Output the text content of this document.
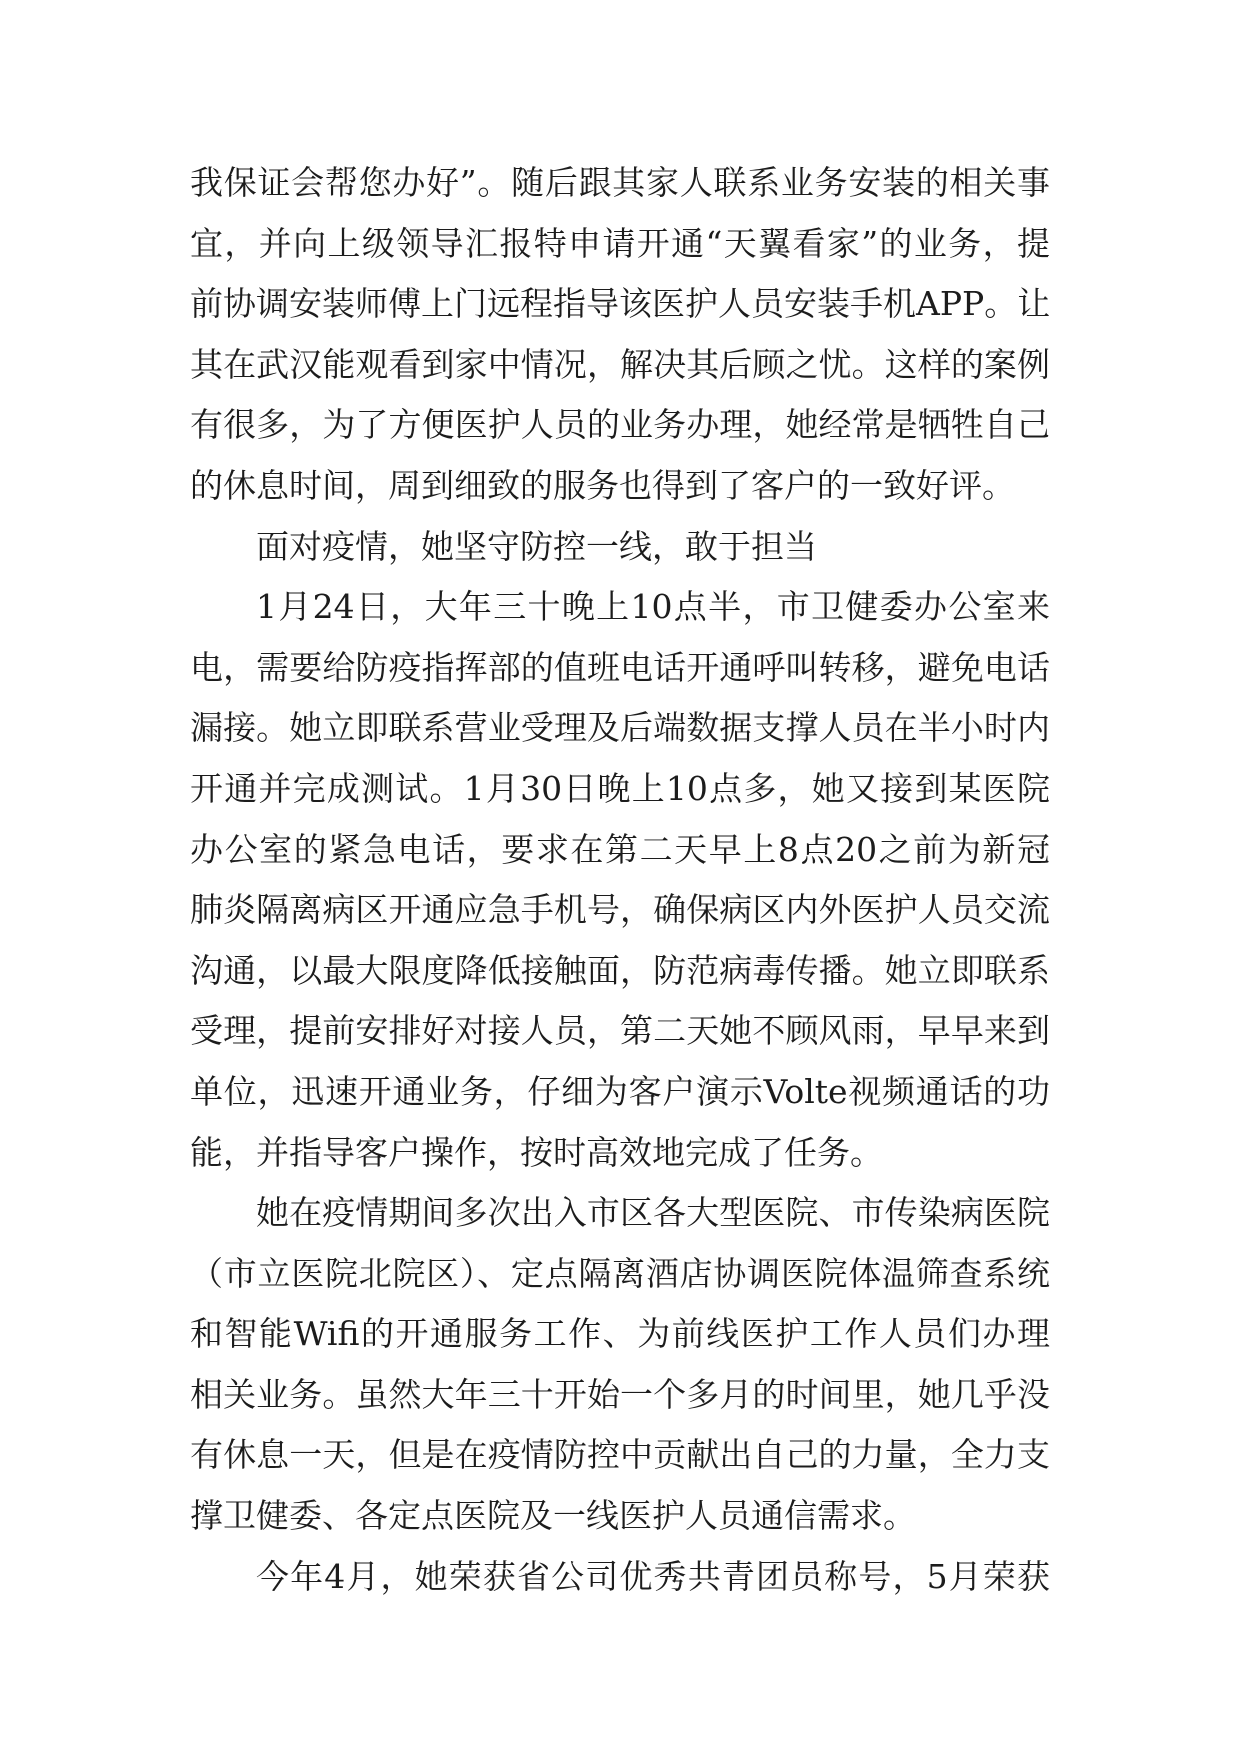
我保证会帮您办好”。随后跟其家人联系业务安装的相关事
宜，并向上级领导汇报特申请开通“天翼看家”的业务，提
前协调安装师傅上门远程指导该医护人员安装手机APP。让
其在武汉能观看到家中情况，解决其后顾之忧。这样的案例
有很多，为了方便医护人员的业务办理，她经常是牺牲自己
的休息时间，周到细致的服务也得到了客户的一致好评。
面对疫情，她坚守防控一线，敢于担当
1月24日，大年三十晚上10点半，市卫健委办公室来
电，需要给防疫指挥部的值班电话开通呼叫转移，避免电话
漏接。她立即联系营业受理及后端数据支撑人员在半小时内
开通并完成测试。1月30日晚上10点多，她又接到某医院
办公室的紧急电话，要求在第二天早上8点20之前为新冠
肺炎隔离病区开通应急手机号，确保病区内外医护人员交流
沟通，以最大限度降低接触面，防范病毒传播。她立即联系
受理，提前安排好对接人员，第二天她不顾风雨，早早来到
单位，迅速开通业务，仔细为客户演示Volte视频通话的功
能，并指导客户操作，按时高效地完成了任务。
她在疫情期间多次出入市区各大型医院、市传染病医院
（市立医院北院区）、定点隔离酒店协调医院体温筛查系统
和智能Wifi的开通服务工作、为前线医护工作人员们办理
相关业务。虽然大年三十开始一个多月的时间里，她几乎没
有休息一天，但是在疫情防控中贡献出自己的力量，全力支
撑卫健委、各定点医院及一线医护人员通信需求。
今年4月，她荣获省公司优秀共青团员称号，5月荣获
